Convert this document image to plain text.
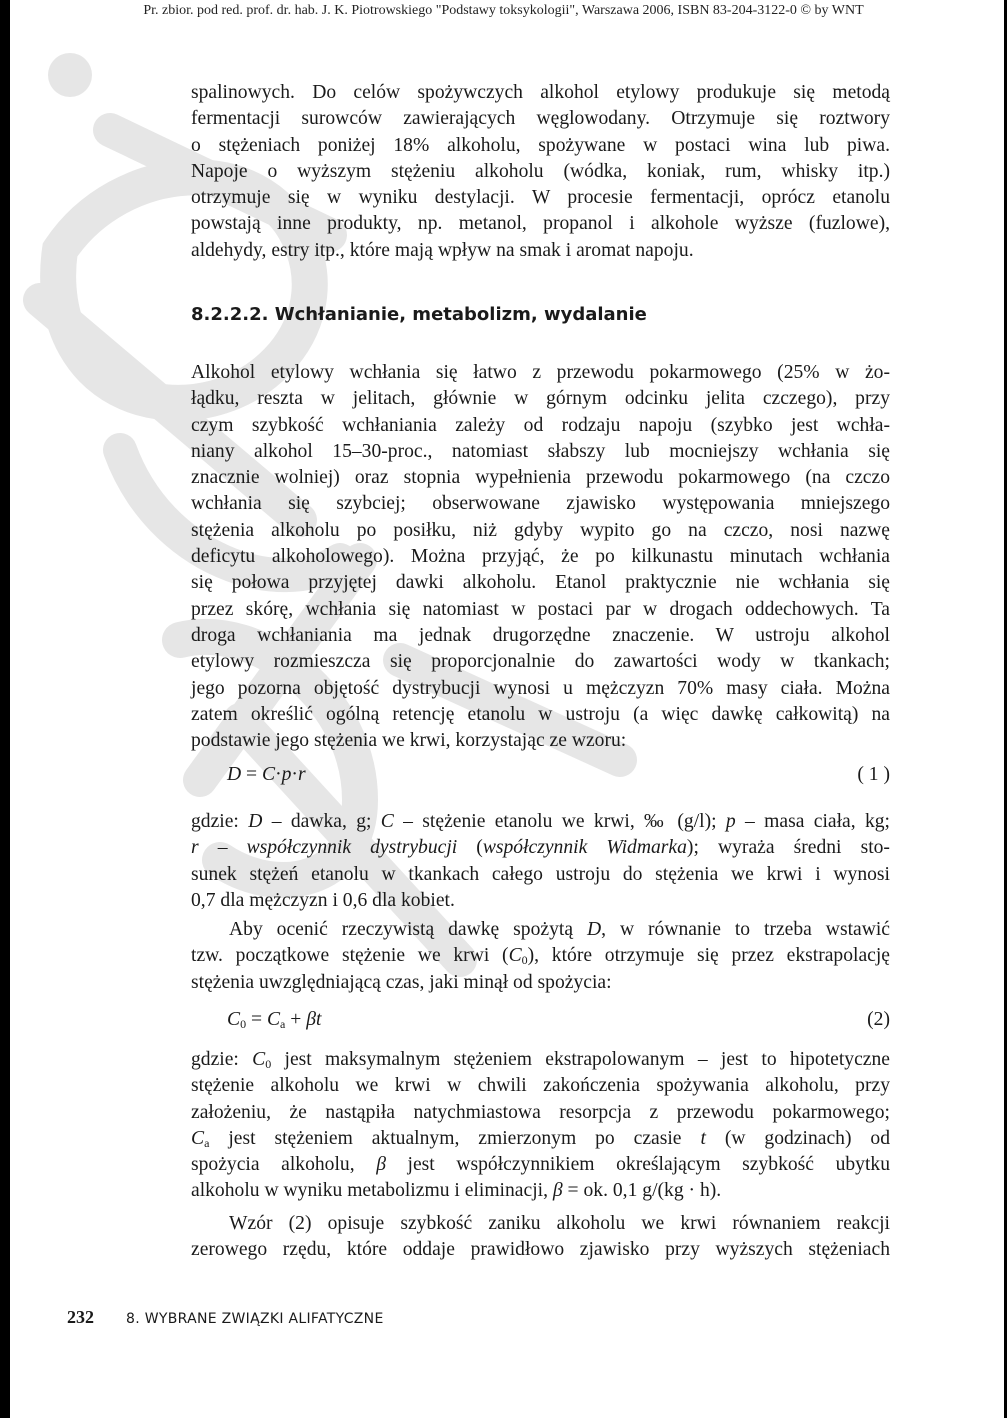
Pr. zbior. pod red. prof. dr. hab. J. K. Piotrowskiego "Podstawy toksykologii", Warszawa 2006, ISBN 83-204-3122-0 © by WNT
spalinowych. Do celów spożywczych alkohol etylowy produkuje się metodą
fermentacji surowców zawierających węglowodany. Otrzymuje się roztwory
o stężeniach poniżej 18% alkoholu, spożywane w postaci wina lub piwa.
Napoje o wyższym stężeniu alkoholu (wódka, koniak, rum, whisky itp.)
otrzymuje się w wyniku destylacji. W procesie fermentacji, oprócz etanolu
powstają inne produkty, np. metanol, propanol i alkohole wyższe (fuzlowe),
aldehydy, estry itp., które mają wpływ na smak i aromat napoju.
8.2.2.2. Wchłanianie, metabolizm, wydalanie
Alkohol etylowy wchłania się łatwo z przewodu pokarmowego (25% w żo-
łądku, reszta w jelitach, głównie w górnym odcinku jelita czczego), przy
czym szybkość wchłaniania zależy od rodzaju napoju (szybko jest wchła-
niany alkohol 15–30-proc., natomiast słabszy lub mocniejszy wchłania się
znacznie wolniej) oraz stopnia wypełnienia przewodu pokarmowego (na czczo
wchłania się szybciej; obserwowane zjawisko występowania mniejszego
stężenia alkoholu po posiłku, niż gdyby wypito go na czczo, nosi nazwę
deficytu alkoholowego). Można przyjąć, że po kilkunastu minutach wchłania
się połowa przyjętej dawki alkoholu. Etanol praktycznie nie wchłania się
przez skórę, wchłania się natomiast w postaci par w drogach oddechowych. Ta
droga wchłaniania ma jednak drugorzędne znaczenie. W ustroju alkohol
etylowy rozmieszcza się proporcjonalnie do zawartości wody w tkankach;
jego pozorna objętość dystrybucji wynosi u mężczyzn 70% masy ciała. Można
zatem określić ogólną retencję etanolu w ustroju (a więc dawkę całkowitą) na
podstawie jego stężenia we krwi, korzystając ze wzoru:
D = C·p·r	( 1 )
gdzie: D – dawka, g; C – stężenie etanolu we krwi, ‰ (g/l); p – masa ciała, kg;
r – współczynnik dystrybucji (współczynnik Widmarka); wyraża średni sto-
sunek stężeń etanolu w tkankach całego ustroju do stężenia we krwi i wynosi
0,7 dla mężczyzn i 0,6 dla kobiet.
Aby ocenić rzeczywistą dawkę spożytą D, w równanie to trzeba wstawić
tzw. początkowe stężenie we krwi $(C_0)$, które otrzymuje się przez ekstrapolację
stężenia uwzględniającą czas, jaki minął od spożycia:
$C_0 = C_a + \beta t$	(2)
gdzie: $C_0$ jest maksymalnym stężeniem ekstrapolowanym – jest to hipotetyczne
stężenie alkoholu we krwi w chwili zakończenia spożywania alkoholu, przy
założeniu, że nastąpiła natychmiastowa resorpcja z przewodu pokarmowego;
$C_a$ jest stężeniem aktualnym, zmierzonym po czasie t (w godzinach) od
spożycia alkoholu, β jest współczynnikiem określającym szybkość ubytku
alkoholu w wyniku metabolizmu i eliminacji, β = ok. 0,1 g/(kg · h).
Wzór (2) opisuje szybkość zaniku alkoholu we krwi równaniem reakcji
zerowego rzędu, które oddaje prawidłowo zjawisko przy wyższych stężeniach
232 8. WYBRANE ZWIĄZKI ALIFATYCZNE
